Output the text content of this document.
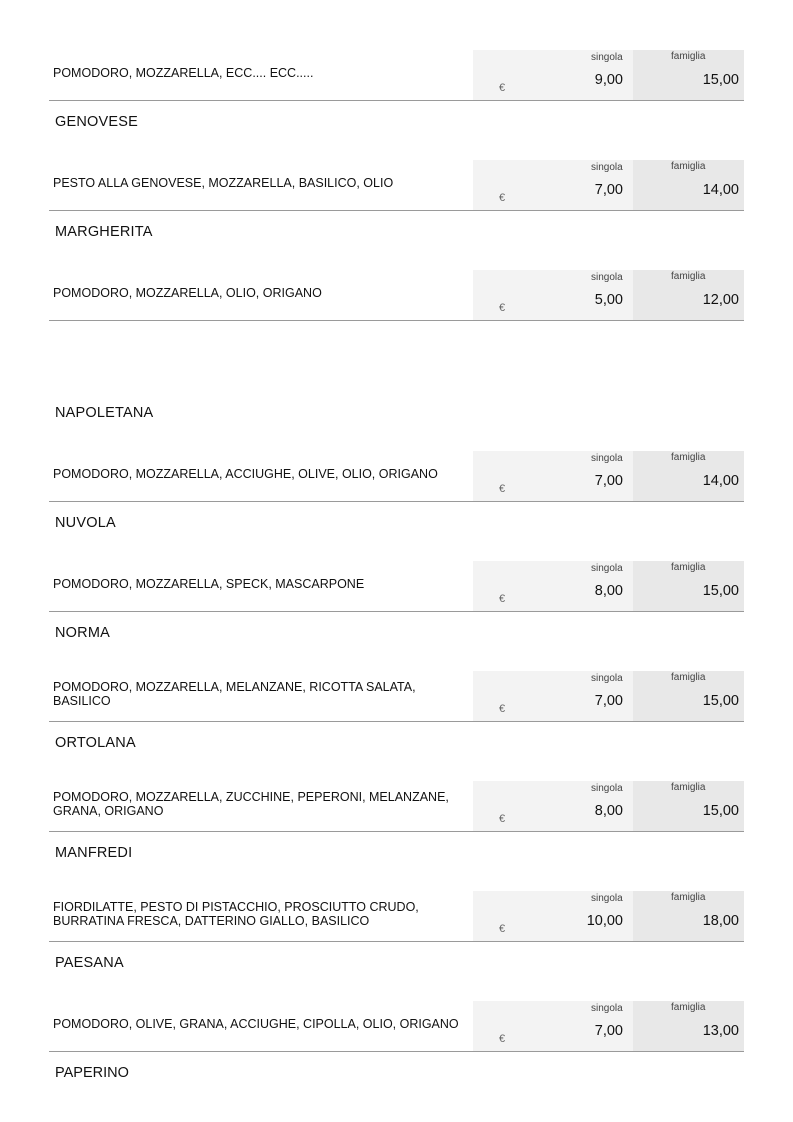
POMODORO, MOZZARELLA, ECC.... ECC.....
singola
€	9,00
famiglia
15,00
GENOVESE
PESTO ALLA GENOVESE, MOZZARELLA, BASILICO, OLIO
singola
€	7,00
famiglia
14,00
MARGHERITA
POMODORO, MOZZARELLA, OLIO, ORIGANO
singola
€	5,00
famiglia
12,00
NAPOLETANA
POMODORO, MOZZARELLA, ACCIUGHE, OLIVE, OLIO, ORIGANO
singola
€	7,00
famiglia
14,00
NUVOLA
POMODORO, MOZZARELLA, SPECK, MASCARPONE
singola
€	8,00
famiglia
15,00
NORMA
POMODORO, MOZZARELLA, MELANZANE, RICOTTA SALATA, BASILICO
singola
€	7,00
famiglia
15,00
ORTOLANA
POMODORO, MOZZARELLA, ZUCCHINE, PEPERONI, MELANZANE, GRANA, ORIGANO
singola
€	8,00
famiglia
15,00
MANFREDI
FIORDILATTE, PESTO DI PISTACCHIO, PROSCIUTTO CRUDO, BURRATINA FRESCA, DATTERINO GIALLO, BASILICO
singola
€	10,00
famiglia
18,00
PAESANA
POMODORO, OLIVE, GRANA, ACCIUGHE, CIPOLLA, OLIO, ORIGANO
singola
€	7,00
famiglia
13,00
PAPERINO
